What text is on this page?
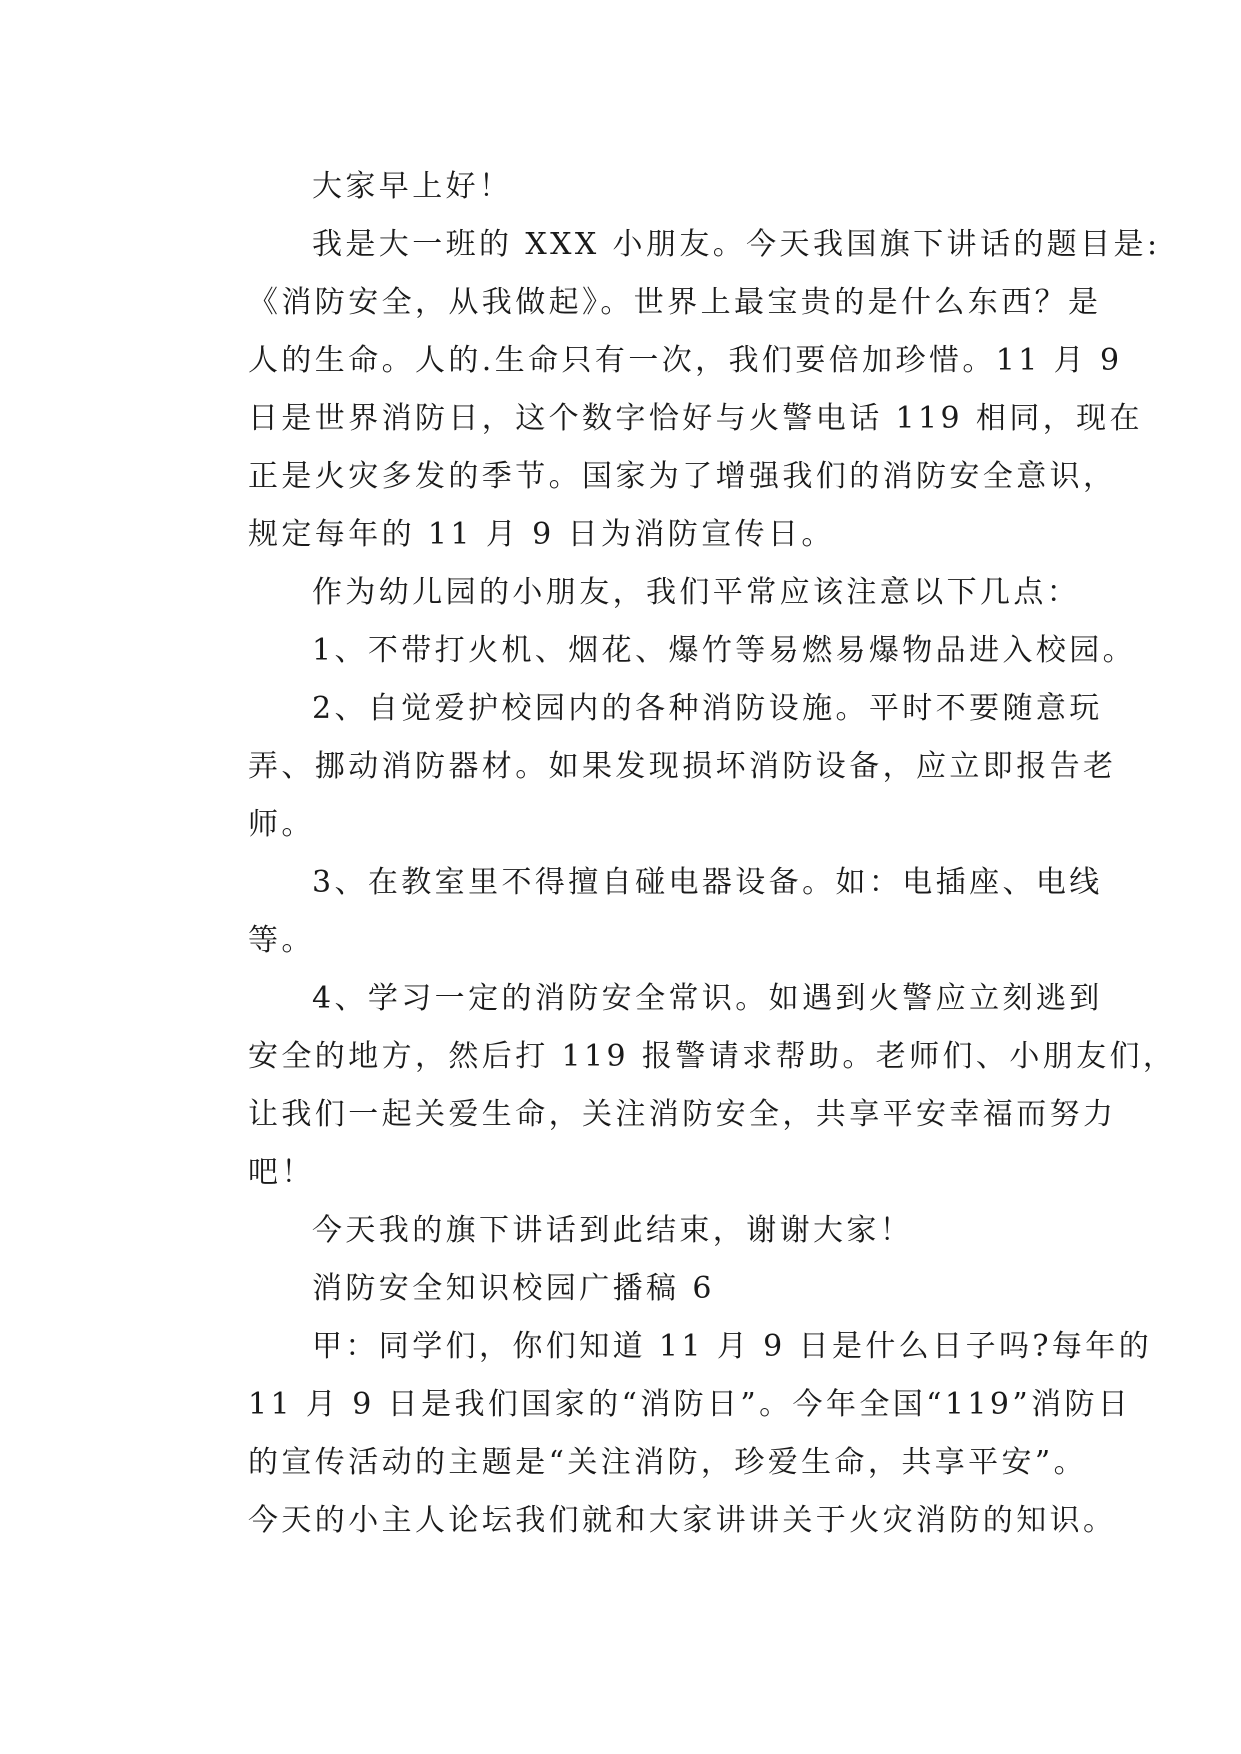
大家早上好！
我是大一班的 XXX 小朋友。今天我国旗下讲话的题目是:
《消防安全，从我做起》。世界上最宝贵的是什么东西？是
人的生命。人的.生命只有一次，我们要倍加珍惜。11 月 9
日是世界消防日，这个数字恰好与火警电话 119 相同，现在
正是火灾多发的季节。国家为了增强我们的消防安全意识，
规定每年的 11 月 9 日为消防宣传日。
作为幼儿园的小朋友，我们平常应该注意以下几点：
1、不带打火机、烟花、爆竹等易燃易爆物品进入校园。
2、自觉爱护校园内的各种消防设施。平时不要随意玩
弄、挪动消防器材。如果发现损坏消防设备，应立即报告老
师。
3、在教室里不得擅自碰电器设备。如：电插座、电线
等。
4、学习一定的消防安全常识。如遇到火警应立刻逃到
安全的地方，然后打 119 报警请求帮助。老师们、小朋友们，
让我们一起关爱生命，关注消防安全，共享平安幸福而努力
吧！
今天我的旗下讲话到此结束，谢谢大家！
消防安全知识校园广播稿 6
甲：同学们，你们知道 11 月 9 日是什么日子吗?每年的
11 月 9 日是我们国家的“消防日”。今年全国“119”消防日
的宣传活动的主题是“关注消防，珍爱生命，共享平安”。
今天的小主人论坛我们就和大家讲讲关于火灾消防的知识。
